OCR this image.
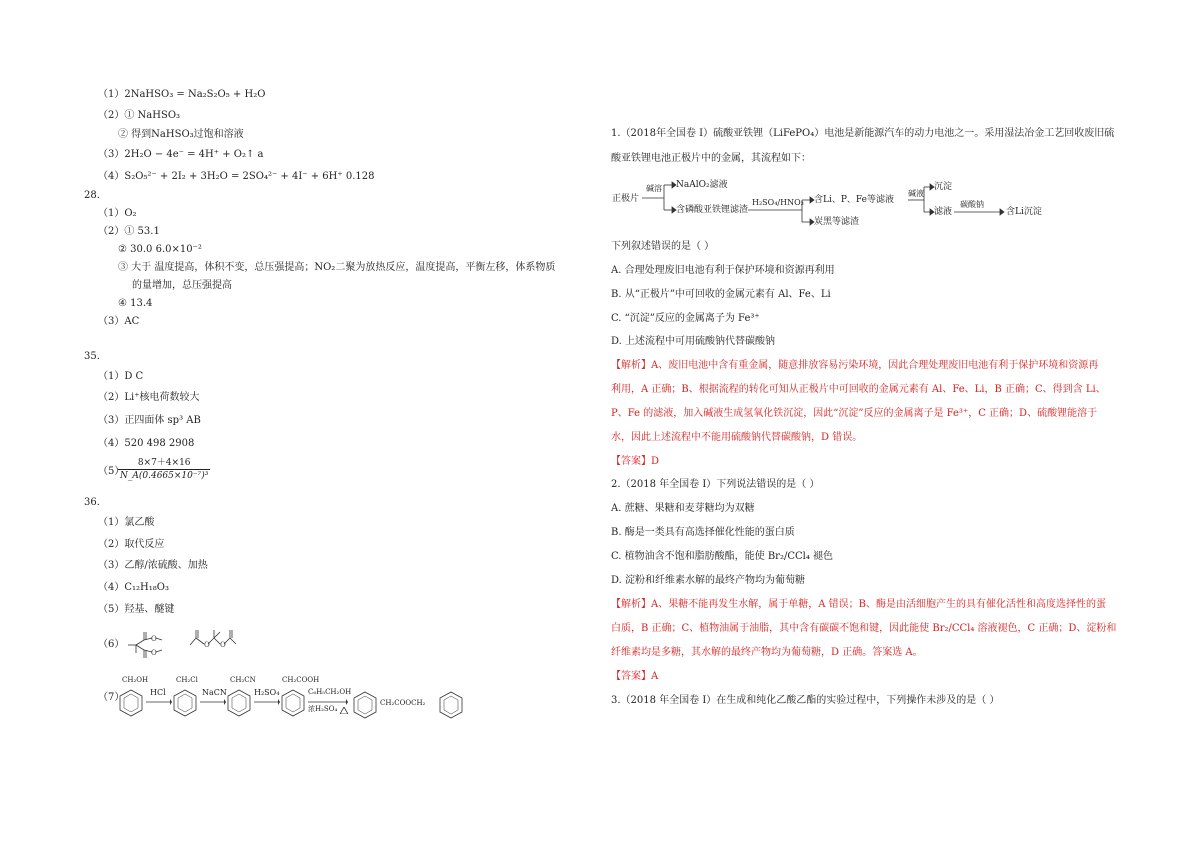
（1）2NaHSO₃ = Na₂S₂O₅ + H₂O
（2）① NaHSO₃
② 得到NaHSO₃过饱和溶液
（3）2H₂O − 4e⁻ = 4H⁺ + O₂↑ a
（4）S₂O₅²⁻ + 2I₂ + 3H₂O = 2SO₄²⁻ + 4I⁻ + 6H⁺ 0.128
28．
（1）O₂
（2）① 53.1
② 30.0 6.0×10⁻²
③ 大于 温度提高，体积不变，总压强提高；NO₂二聚为放热反应，温度提高，平衡左移，体系物质
的量增加，总压强提高
④ 13.4
（3）AC
35．
（1）D C
（2）Li⁺核电荷数较大
（3）正四面体 sp³ AB
（4）520 498 2908
（5）
8×7＋4×16
N_A(0.4665×10⁻⁷)³
36．
（1）氯乙酸
（2）取代反应
（3）乙醇/浓硫酸、加热
（4）C₁₂H₁₈O₃
（5）羟基、醚键
（6）	O
O
O O
（7）
CH₂OH
HCl
CH₂Cl
NaCN
CH₂CN
H₂SO₄
CH₂COOH
C₆H₅CH₂OH
浓H₂SO₄
CH₂COOCH₂
1.（2018年全国卷 I）硫酸亚铁锂（LiFePO₄）电池是新能源汽车的动力电池之一。采用湿法冶金工艺回收废旧硫
酸亚铁锂电池正极片中的金属，其流程如下：
正极片
碱溶 NaAlO₂滤液
含磷酸亚铁锂滤渣
H₂SO₄/HNO₃ 含Li、P、Fe等滤液
炭黑等滤渣
碱液
沉淀
滤液
碳酸钠
含Li沉淀
下列叙述错误的是（ ）
A. 合理处理废旧电池有利于保护环境和资源再利用
B. 从“正极片”中可回收的金属元素有 Al、Fe、Li
C. “沉淀”反应的金属离子为 Fe³⁺
D. 上述流程中可用硫酸钠代替碳酸钠
【解析】A、废旧电池中含有重金属，随意排放容易污染环境，因此合理处理废旧电池有利于保护环境和资源再
利用，A 正确；B、根据流程的转化可知从正极片中可回收的金属元素有 Al、Fe、Li，B 正确；C、得到含 Li、
P、Fe 的滤液，加入碱液生成氢氧化铁沉淀，因此“沉淀”反应的金属离子是 Fe³⁺，C 正确；D、硫酸锂能溶于
水，因此上述流程中不能用硫酸钠代替碳酸钠，D 错误。
【答案】D
2.（2018 年全国卷 I）下列说法错误的是（ ）
A. 蔗糖、果糖和麦芽糖均为双糖
B. 酶是一类具有高选择催化性能的蛋白质
C. 植物油含不饱和脂肪酸酯，能使 Br₂/CCl₄ 褪色
D. 淀粉和纤维素水解的最终产物均为葡萄糖
【解析】A、果糖不能再发生水解，属于单糖，A 错误；B、酶是由活细胞产生的具有催化活性和高度选择性的蛋
白质，B 正确；C、植物油属于油脂，其中含有碳碳不饱和键，因此能使 Br₂/CCl₄ 溶液褪色，C 正确；D、淀粉和
纤维素均是多糖，其水解的最终产物均为葡萄糖，D 正确。答案选 A。
【答案】A
3.（2018 年全国卷 I）在生成和纯化乙酸乙酯的实验过程中，下列操作未涉及的是（ ）
